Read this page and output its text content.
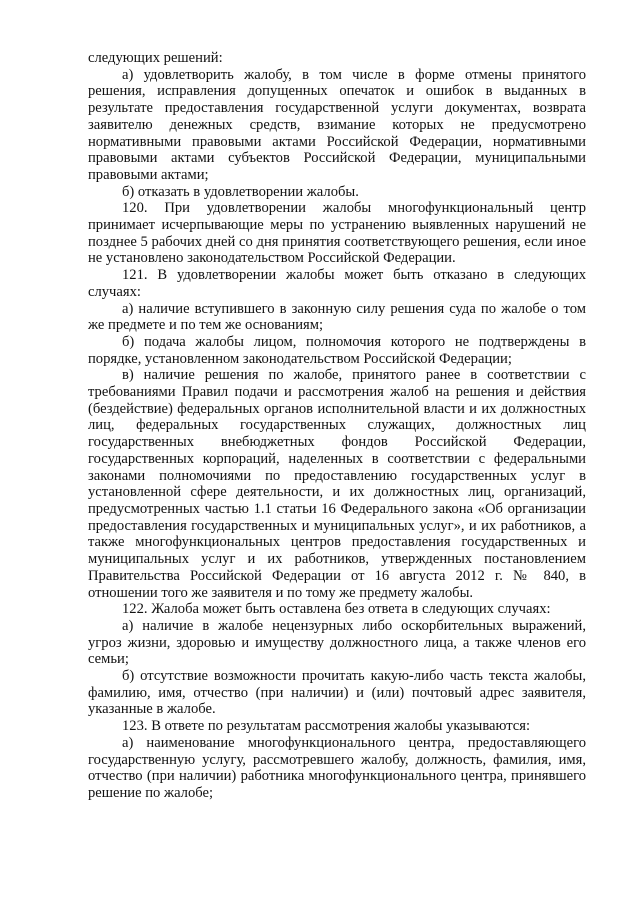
следующих решений:

а) удовлетворить жалобу, в том числе в форме отмены принятого решения, исправления допущенных опечаток и ошибок в выданных в результате предоставления государственной услуги документах, возврата заявителю денежных средств, взимание которых не предусмотрено нормативными правовыми актами Российской Федерации, нормативными правовыми актами субъектов Российской Федерации, муниципальными правовыми актами;

б) отказать в удовлетворении жалобы.

120. При удовлетворении жалобы многофункциональный центр принимает исчерпывающие меры по устранению выявленных нарушений не позднее 5 рабочих дней со дня принятия соответствующего решения, если иное не установлено законодательством Российской Федерации.

121. В удовлетворении жалобы может быть отказано в следующих случаях:

а) наличие вступившего в законную силу решения суда по жалобе о том же предмете и по тем же основаниям;

б) подача жалобы лицом, полномочия которого не подтверждены в порядке, установленном законодательством Российской Федерации;

в) наличие решения по жалобе, принятого ранее в соответствии с требованиями Правил подачи и рассмотрения жалоб на решения и действия (бездействие) федеральных органов исполнительной власти и их должностных лиц, федеральных государственных служащих, должностных лиц государственных внебюджетных фондов Российской Федерации, государственных корпораций, наделенных в соответствии с федеральными законами полномочиями по предоставлению государственных услуг в установленной сфере деятельности, и их должностных лиц, организаций, предусмотренных частью 1.1 статьи 16 Федерального закона «Об организации предоставления государственных и муниципальных услуг», и их работников, а также многофункциональных центров предоставления государственных и муниципальных услуг и их работников, утвержденных постановлением Правительства Российской Федерации от 16 августа 2012 г. № 840, в отношении того же заявителя и по тому же предмету жалобы.

122. Жалоба может быть оставлена без ответа в следующих случаях:

а) наличие в жалобе нецензурных либо оскорбительных выражений, угроз жизни, здоровью и имуществу должностного лица, а также членов его семьи;

б) отсутствие возможности прочитать какую-либо часть текста жалобы, фамилию, имя, отчество (при наличии) и (или) почтовый адрес заявителя, указанные в жалобе.

123. В ответе по результатам рассмотрения жалобы указываются:

а) наименование многофункционального центра, предоставляющего государственную услугу, рассмотревшего жалобу, должность, фамилия, имя, отчество (при наличии) работника многофункционального центра, принявшего решение по жалобе;
